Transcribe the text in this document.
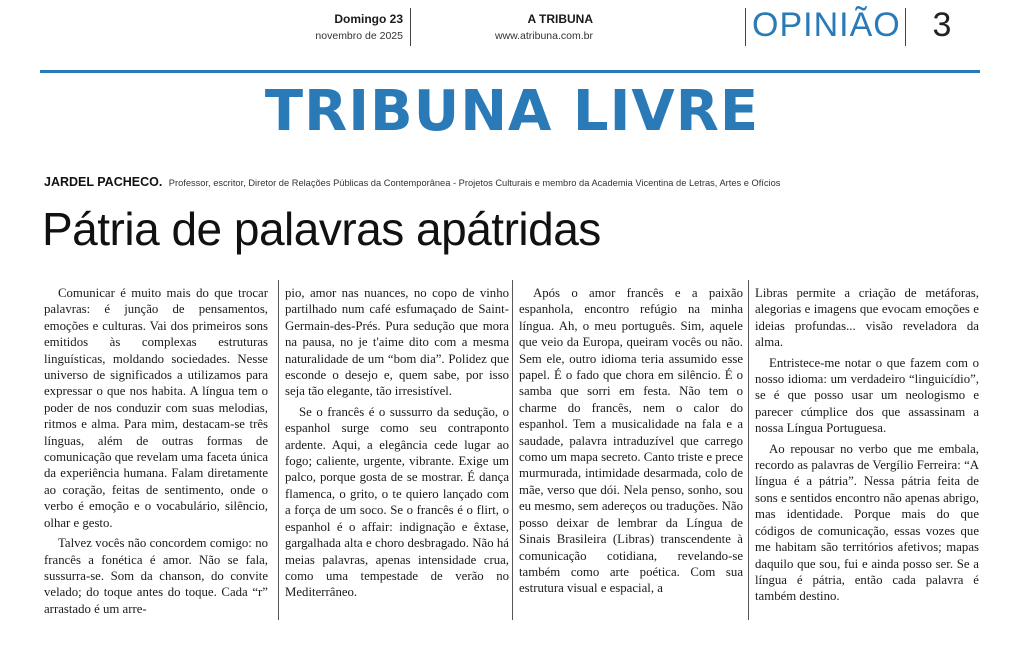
Domingo 23
novembro de 2025
A TRIBUNA
www.atribuna.com.br	OPINIÃO 3
TRIBUNA LIVRE
JARDEL PACHECO. Professor, escritor, Diretor de Relações Públicas da Contemporânea - Projetos Culturais e membro da Academia Vicentina de Letras, Artes e Ofícios
Pátria de palavras apátridas

Comunicar é muito mais do que trocar palavras: é junção de pensamentos, emoções e culturas. Vai dos primeiros sons emitidos às complexas estruturas linguísticas, moldando sociedades. Nesse universo de significados a utilizamos para expressar o que nos habita. A língua tem o poder de nos conduzir com suas melodias, ritmos e alma. Para mim, destacam-se três línguas, além de outras formas de comunicação que revelam uma faceta única da experiência humana. Falam diretamente ao coração, feitas de sentimento, onde o verbo é emoção e o vocabulário, silêncio, olhar e gesto.

Talvez vocês não concordem comigo: no francês a fonética é amor. Não se fala, sussurra-se. Som da chanson, do convite velado; do toque antes do toque. Cada “r” arrastado é um arre-

pio, amor nas nuances, no copo de vinho partilhado num café esfumaçado de Saint-Germain-des-Prés. Pura sedução que mora na pausa, no je t'aime dito com a mesma naturalidade de um “bom dia”. Polidez que esconde o desejo e, quem sabe, por isso seja tão elegante, tão irresistível.

Se o francês é o sussurro da sedução, o espanhol surge como seu contraponto ardente. Aqui, a elegância cede lugar ao fogo; caliente, urgente, vibrante. Exige um palco, porque gosta de se mostrar. É dança flamenca, o grito, o te quiero lançado com a força de um soco. Se o francês é o flirt, o espanhol é o affair: indignação e êxtase, gargalhada alta e choro desbragado. Não há meias palavras, apenas intensidade crua, como uma tempestade de verão no Mediterrâneo.

Após o amor francês e a paixão espanhola, encontro refúgio na minha língua. Ah, o meu português. Sim, aquele que veio da Europa, queiram vocês ou não. Sem ele, outro idioma teria assumido esse papel. É o fado que chora em silêncio. É o samba que sorri em festa. Não tem o charme do francês, nem o calor do espanhol. Tem a musicalidade na fala e a saudade, palavra intraduzível que carrego como um mapa secreto. Canto triste e prece murmurada, intimidade desarmada, colo de mãe, verso que dói. Nela penso, sonho, sou eu mesmo, sem adereços ou traduções. Não posso deixar de lembrar da Língua de Sinais Brasileira (Libras) transcendente à comunicação cotidiana, revelando-se também como arte poética. Com sua estrutura visual e espacial, a

Libras permite a criação de metáforas, alegorias e imagens que evocam emoções e ideias profundas... visão reveladora da alma.

Entristece-me notar o que fazem com o nosso idioma: um verdadeiro “linguicídio”, se é que posso usar um neologismo e parecer cúmplice dos que assassinam a nossa Língua Portuguesa.

Ao repousar no verbo que me embala, recordo as palavras de Vergílio Ferreira: “A língua é a pátria”. Nessa pátria feita de sons e sentidos encontro não apenas abrigo, mas identidade. Porque mais do que códigos de comunicação, essas vozes que me habitam são territórios afetivos; mapas daquilo que sou, fui e ainda posso ser. Se a língua é pátria, então cada palavra é também destino.
